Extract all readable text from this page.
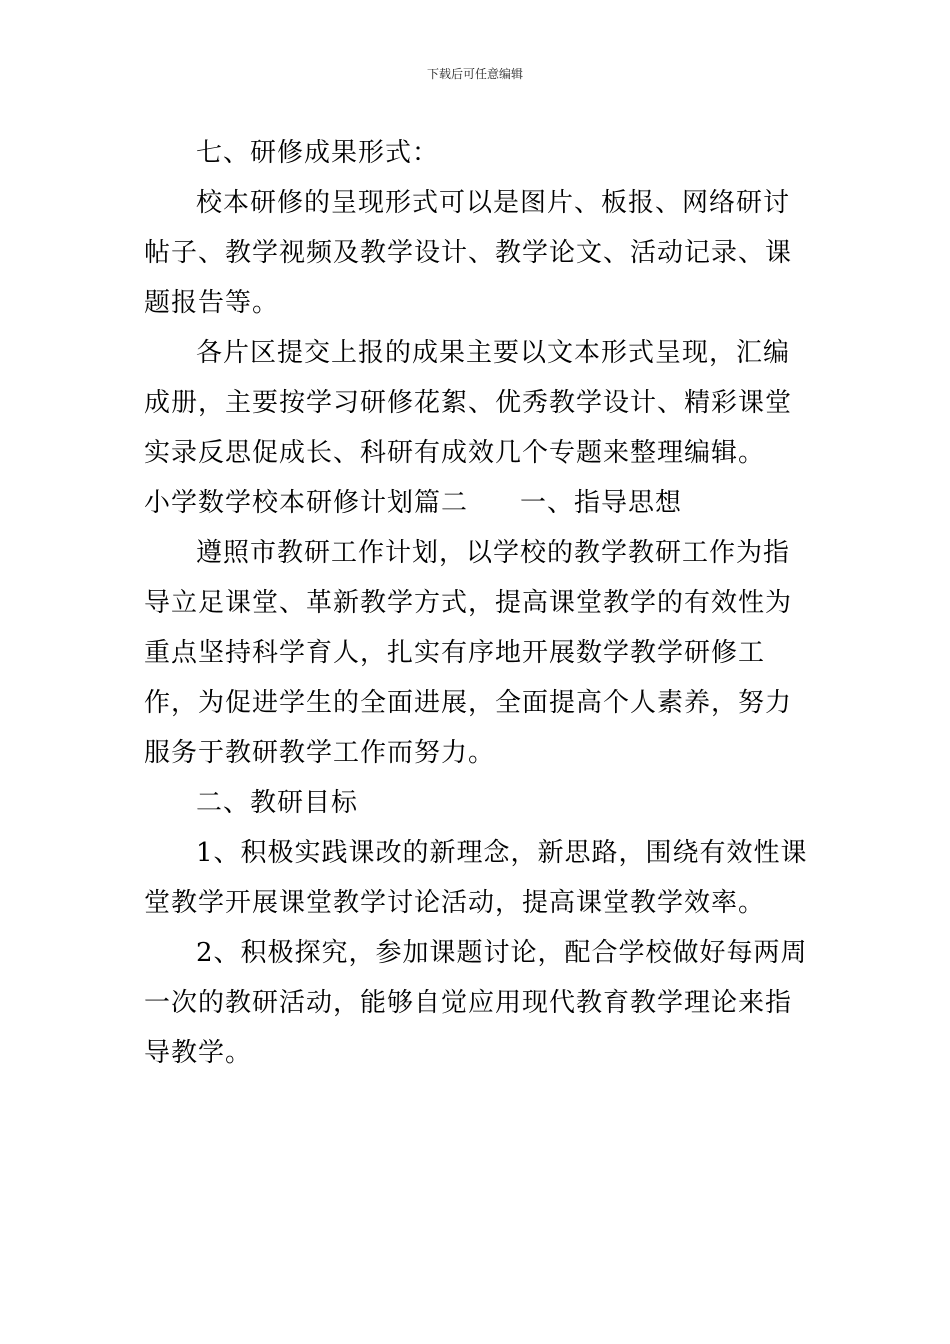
下载后可任意编辑

七、研修成果形式：

校本研修的呈现形式可以是图片、板报、网络研讨帖子、教学视频及教学设计、教学论文、活动记录、课题报告等。

各片区提交上报的成果主要以文本形式呈现，汇编成册，主要按学习研修花絮、优秀教学设计、精彩课堂实录反思促成长、科研有成效几个专题来整理编辑。

小学数学校本研修计划篇二 一、指导思想

遵照市教研工作计划，以学校的教学教研工作为指导立足课堂、革新教学方式，提高课堂教学的有效性为重点坚持科学育人，扎实有序地开展数学教学研修工作，为促进学生的全面进展，全面提高个人素养，努力服务于教研教学工作而努力。

二、教研目标

1、积极实践课改的新理念，新思路，围绕有效性课堂教学开展课堂教学讨论活动，提高课堂教学效率。

2、积极探究，参加课题讨论，配合学校做好每两周一次的教研活动，能够自觉应用现代教育教学理论来指导教学。
